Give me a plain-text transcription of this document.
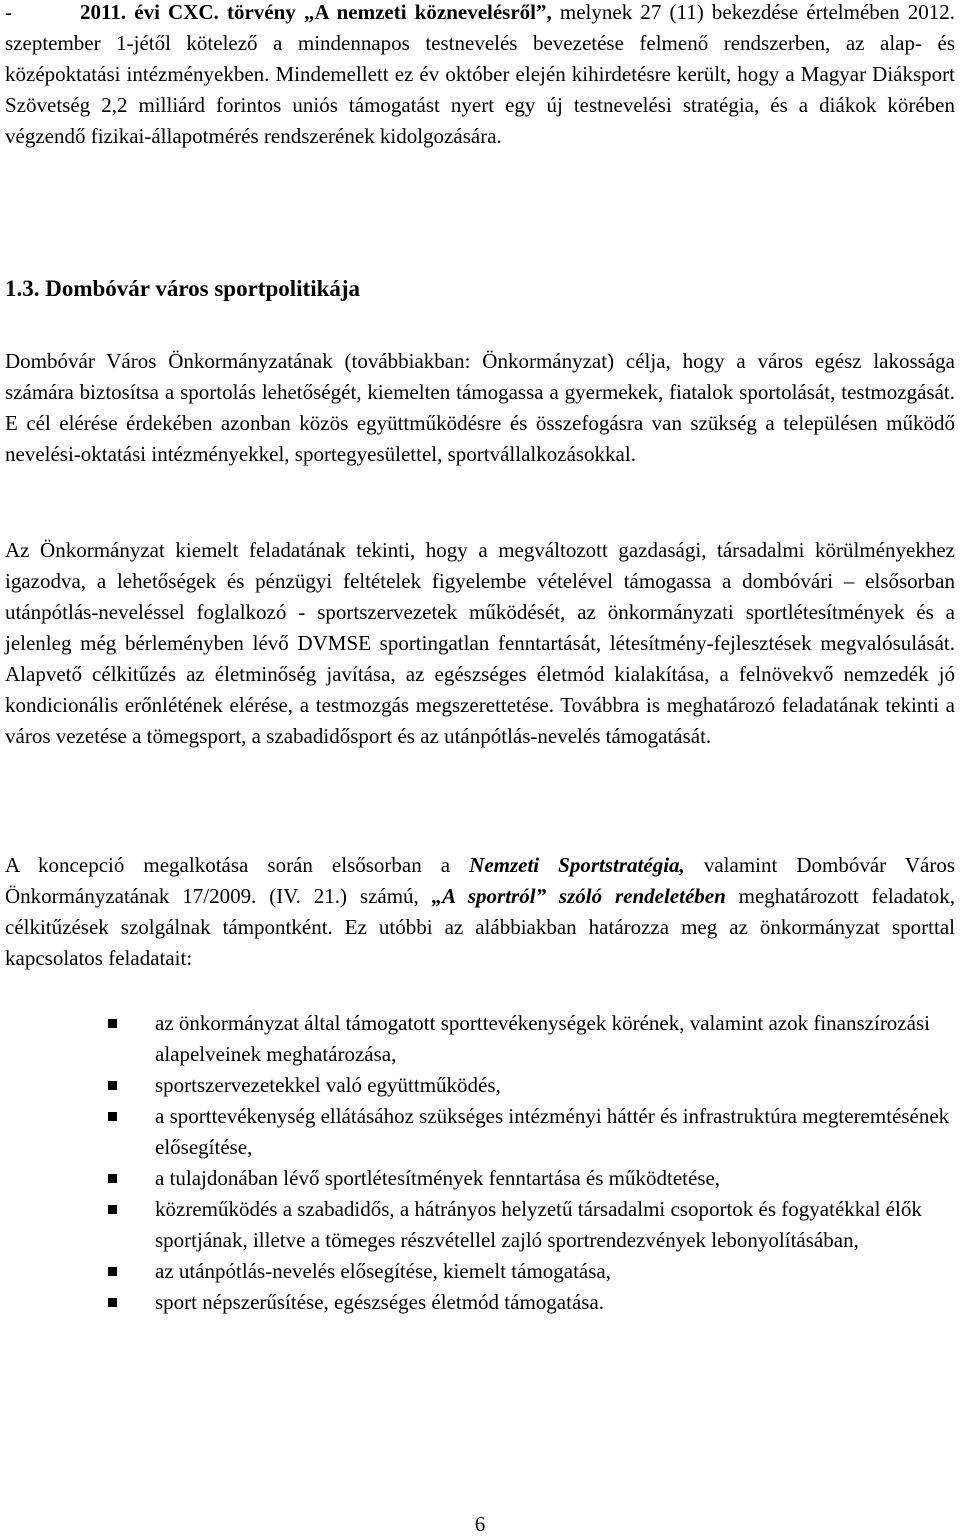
-	2011. évi CXC. törvény „A nemzeti köznevelésről”, melynek 27 (11) bekezdése értelmében 2012. szeptember 1-jétől kötelező a mindennapos testnevelés bevezetése felmenő rendszerben, az alap- és középoktatási intézményekben. Mindemellett ez év október elején kihirdetésre került, hogy a Magyar Diáksport Szövetség 2,2 milliárd forintos uniós támogatást nyert egy új testnevelési stratégia, és a diákok körében végzendő fizikai-állapotmérés rendszerének kidolgozására.

1.3. Dombóvár város sportpolitikája

Dombóvár Város Önkormányzatának (továbbiakban: Önkormányzat) célja, hogy a város egész lakossága számára biztosítsa a sportolás lehetőségét, kiemelten támogassa a gyermekek, fiatalok sportolását, testmozgását. E cél elérése érdekében azonban közös együttműködésre és összefogásra van szükség a településen működő nevelési-oktatási intézményekkel, sportegyesülettel, sportvállalkozásokkal.

Az Önkormányzat kiemelt feladatának tekinti, hogy a megváltozott gazdasági, társadalmi körülményekhez igazodva, a lehetőségek és pénzügyi feltételek figyelembe vételével támogassa a dombóvári – elsősorban utánpótlás-neveléssel foglalkozó - sportszervezetek működését, az önkormányzati sportlétesítmények és a jelenleg még bérleményben lévő DVMSE sportingatlan fenntartását, létesítmény-fejlesztések megvalósulását. Alapvető célkitűzés az életminőség javítása, az egészséges életmód kialakítása, a felnövekvő nemzedék jó kondicionális erőnlétének elérése, a testmozgás megszerettetése. Továbbra is meghatározó feladatának tekinti a város vezetése a tömegsport, a szabadidősport és az utánpótlás-nevelés támogatását.

A koncepció megalkotása során elsősorban a Nemzeti Sportstratégia, valamint Dombóvár Város Önkormányzatának 17/2009. (IV. 21.) számú, „A sportról” szóló rendeletében meghatározott feladatok, célkitűzések szolgálnak támpontként. Ez utóbbi az alábbiakban határozza meg az önkormányzat sporttal kapcsolatos feladatait:

az önkormányzat által támogatott sporttevékenységek körének, valamint azok finanszírozási alapelveinek meghatározása,
sportszervezetekkel való együttműködés,
a sporttevékenység ellátásához szükséges intézményi háttér és infrastruktúra megteremtésének elősegítése,
a tulajdonában lévő sportlétesítmények fenntartása és működtetése,
közreműködés a szabadidős, a hátrányos helyzetű társadalmi csoportok és fogyatékkal élők sportjának, illetve a tömeges részvétellel zajló sportrendezvények lebonyolításában,
az utánpótlás-nevelés elősegítése, kiemelt támogatása,
sport népszerűsítése, egészséges életmód támogatása.
6
